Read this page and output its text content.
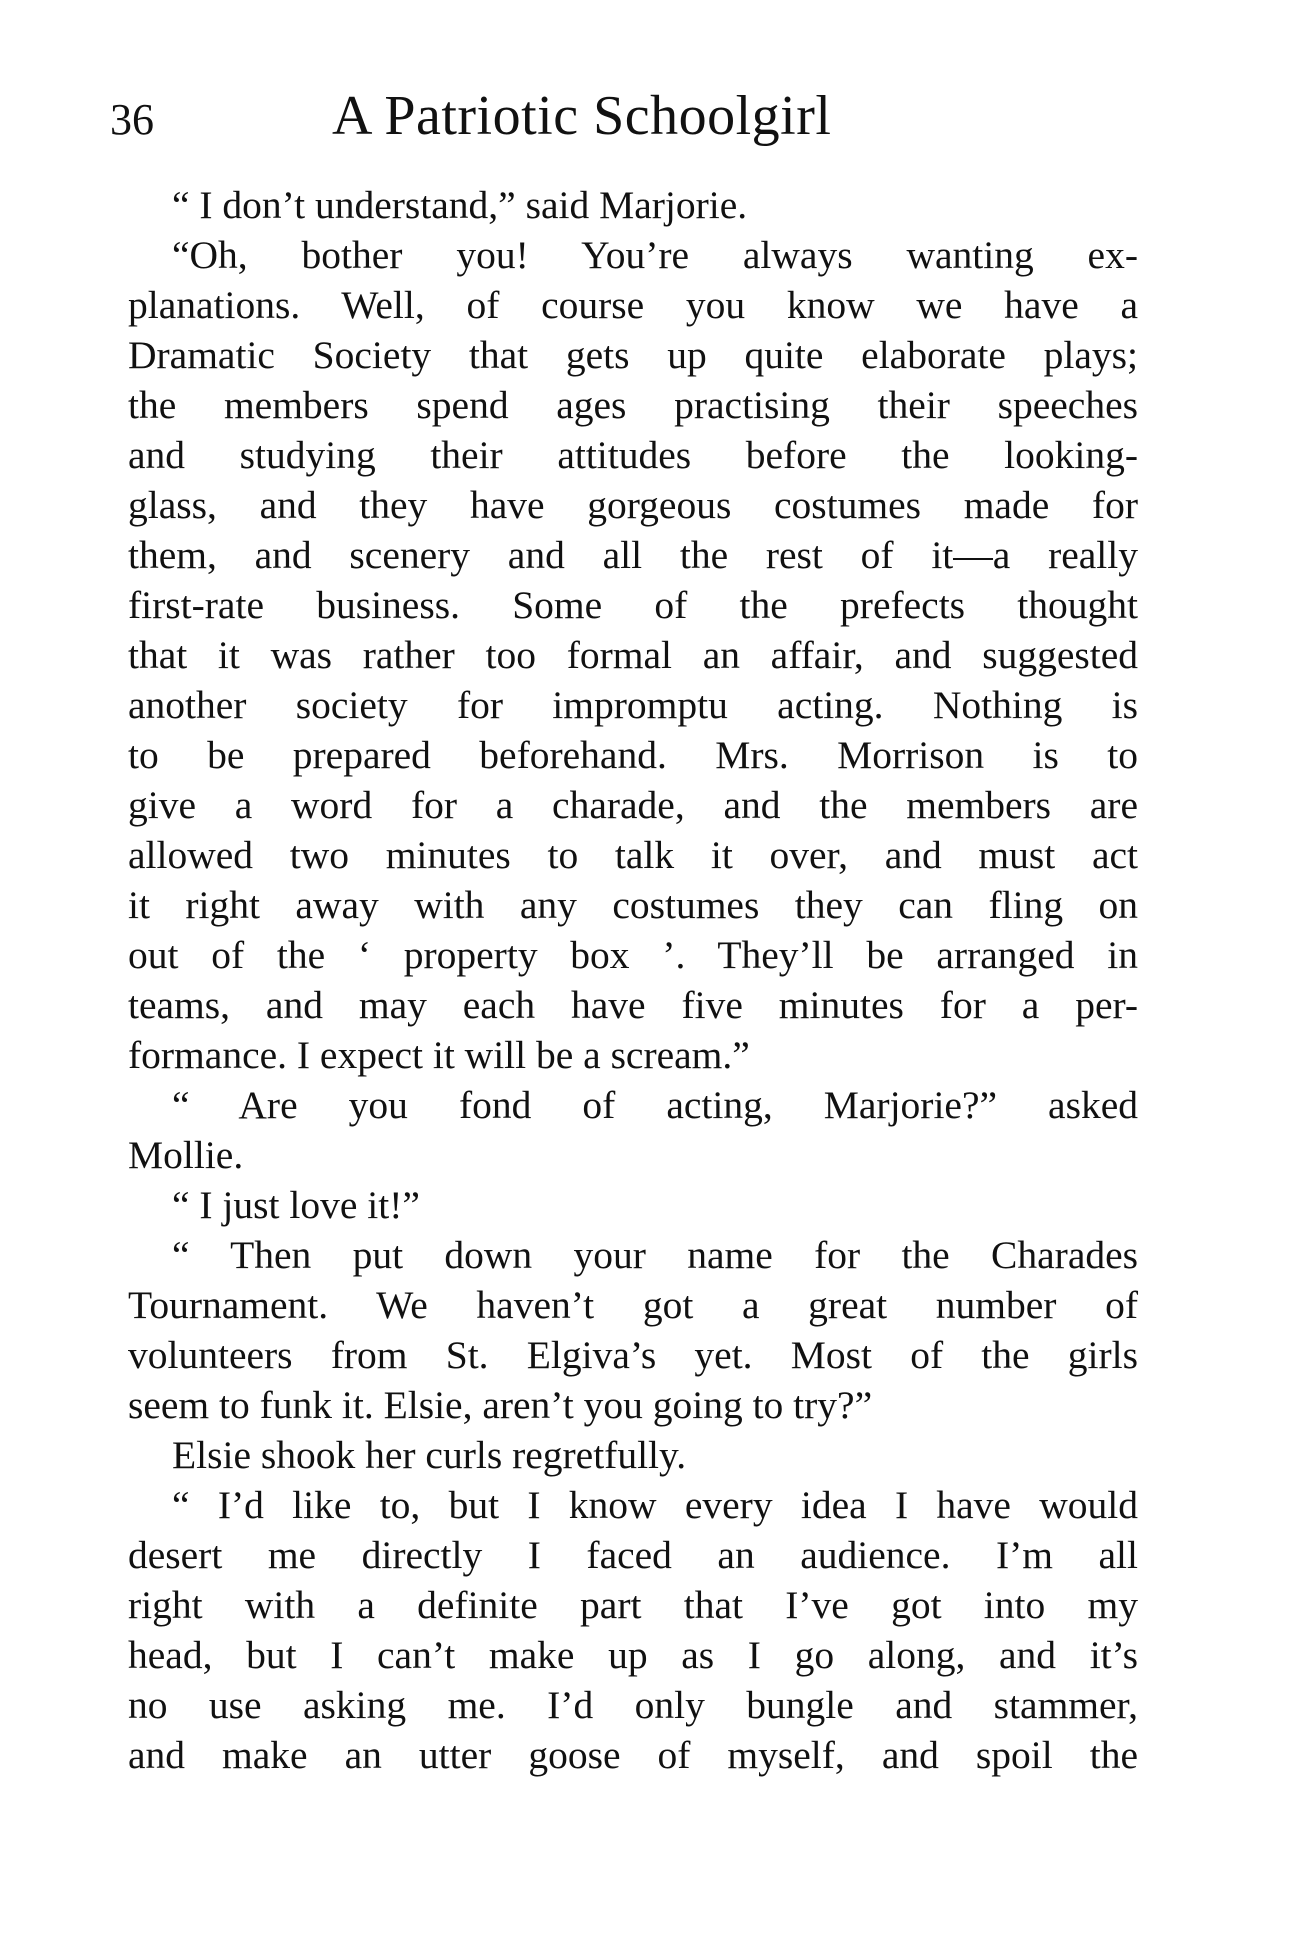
36	A Patriotic Schoolgirl
“ I don’t understand,” said Marjorie.
“Oh, bother you! You’re always wanting ex-
planations. Well, of course you know we have a
Dramatic Society that gets up quite elaborate plays;
the members spend ages practising their speeches
and studying their attitudes before the looking-
glass, and they have gorgeous costumes made for
them, and scenery and all the rest of it—a really
first-rate business. Some of the prefects thought
that it was rather too formal an affair, and suggested
another society for impromptu acting. Nothing is
to be prepared beforehand. Mrs. Morrison is to
give a word for a charade, and the members are
allowed two minutes to talk it over, and must act
it right away with any costumes they can fling on
out of the ‘ property box ’. They’ll be arranged in
teams, and may each have five minutes for a per-
formance. I expect it will be a scream.”
“ Are you fond of acting, Marjorie?” asked
Mollie.
“ I just love it!”
“ Then put down your name for the Charades
Tournament. We haven’t got a great number of
volunteers from St. Elgiva’s yet. Most of the girls
seem to funk it. Elsie, aren’t you going to try?”
Elsie shook her curls regretfully.
“ I’d like to, but I know every idea I have would
desert me directly I faced an audience. I’m all
right with a definite part that I’ve got into my
head, but I can’t make up as I go along, and it’s
no use asking me. I’d only bungle and stammer,
and make an utter goose of myself, and spoil the
